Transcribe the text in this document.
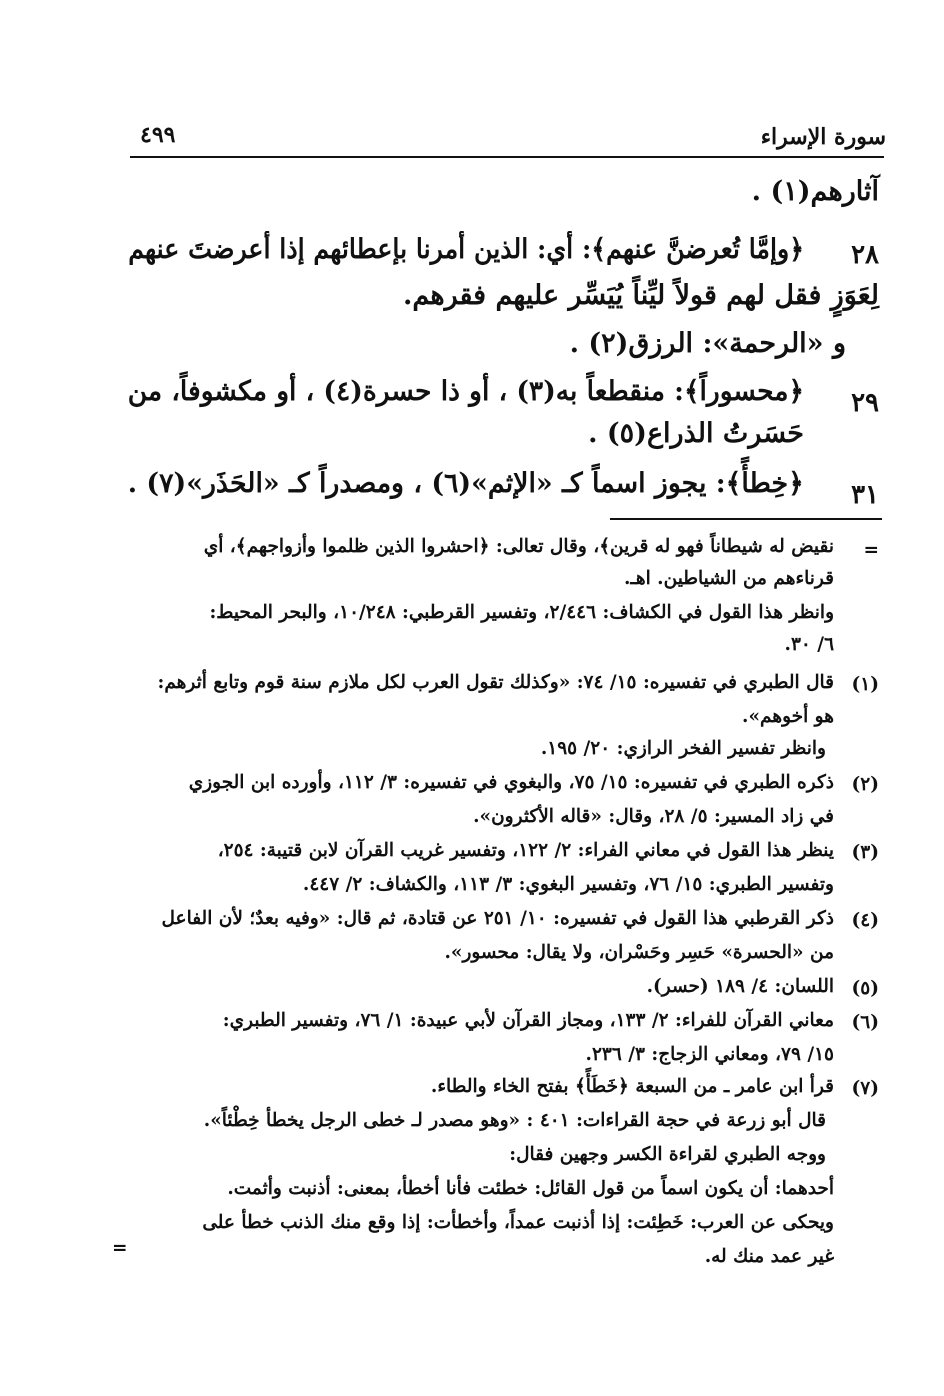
سورة الإسراء
٤٩٩
آثارهم(١) .
٢٨
﴿وإمَّا تُعرضنَّ عنهم﴾: أي: الذين أمرنا بإعطائهم إذا أعرضتَ عنهم
لِعَوَزٍ فقل لهم قولاً ليِّناً يُيَسِّر عليهم فقرهم.
و «الرحمة»: الرزق(٢) .
٢٩
﴿محسوراً﴾: منقطعاً به(٣) ، أو ذا حسرة(٤) ، أو مكشوفاً، من
حَسَرتُ الذراع(٥) .
٣١
﴿خِطأً﴾: يجوز اسماً كـ «الإثم»(٦) ، ومصدراً كـ «الحَذَر»(٧) .
=
نقيض له شيطاناً فهو له قرين﴾، وقال تعالى: ﴿احشروا الذين ظلموا وأزواجهم﴾، أي
قرناءهم من الشياطين. اهـ.
وانظر هذا القول في الكشاف: ٢/٤٤٦، وتفسير القرطبي: ١٠/٢٤٨، والبحر المحيط:
٦/ ٣٠.
(١)
قال الطبري في تفسيره: ١٥/ ٧٤: «وكذلك تقول العرب لكل ملازم سنة قوم وتابع أثرهم:
هو أخوهم».
وانظر تفسير الفخر الرازي: ٢٠/ ١٩٥.
(٢)
ذكره الطبري في تفسيره: ١٥/ ٧٥، والبغوي في تفسيره: ٣/ ١١٢، وأورده ابن الجوزي
في زاد المسير: ٥/ ٢٨، وقال: «قاله الأكثرون».
(٣)
ينظر هذا القول في معاني الفراء: ٢/ ١٢٢، وتفسير غريب القرآن لابن قتيبة: ٢٥٤،
وتفسير الطبري: ١٥/ ٧٦، وتفسير البغوي: ٣/ ١١٣، والكشاف: ٢/ ٤٤٧.
(٤)
ذكر القرطبي هذا القول في تفسيره: ١٠/ ٢٥١ عن قتادة، ثم قال: «وفيه بعدٌ؛ لأن الفاعل
من «الحسرة» حَسِر وحَسْران، ولا يقال: محسور».
(٥)
اللسان: ٤/ ١٨٩ (حسر).
(٦)
معاني القرآن للفراء: ٢/ ١٣٣، ومجاز القرآن لأبي عبيدة: ١/ ٧٦، وتفسير الطبري:
١٥/ ٧٩، ومعاني الزجاج: ٣/ ٢٣٦.
(٧)
قرأ ابن عامر ـ من السبعة ﴿خَطَأً﴾ بفتح الخاء والطاء.
قال أبو زرعة في حجة القراءات: ٤٠١ : «وهو مصدر لـ خطى الرجل يخطأ خِطْئاً».
ووجه الطبري لقراءة الكسر وجهين فقال:
أحدهما: أن يكون اسماً من قول القائل: خطئت فأنا أخطأ، بمعنى: أذنبت وأثمت.
ويحكى عن العرب: خَطِئت: إذا أذنبت عمداً، وأخطأت: إذا وقع منك الذنب خطأ على
غير عمد منك له.
=
